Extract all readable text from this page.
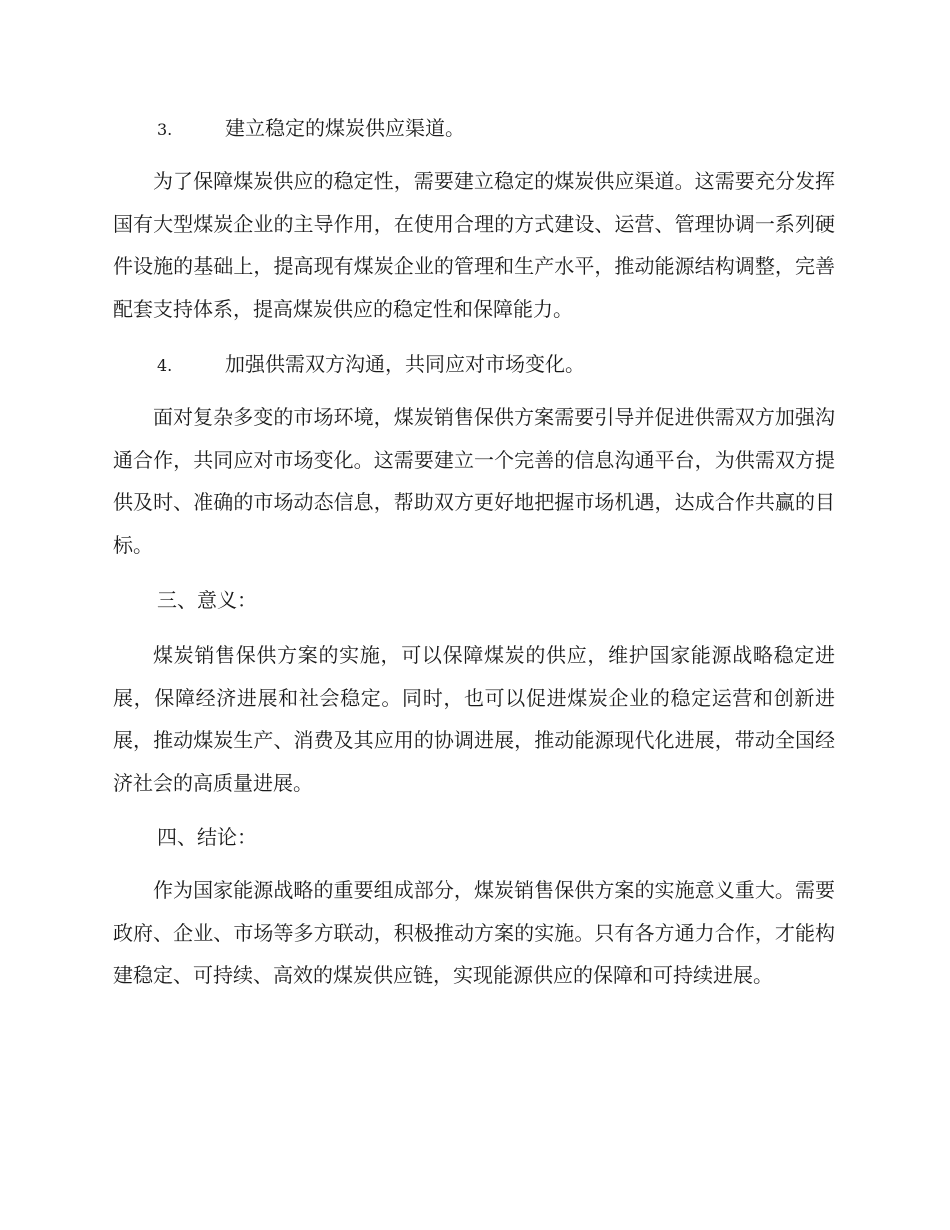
3.	建立稳定的煤炭供应渠道。

为了保障煤炭供应的稳定性，需要建立稳定的煤炭供应渠道。这需要充分发挥国有大型煤炭企业的主导作用，在使用合理的方式建设、运营、管理协调一系列硬件设施的基础上，提高现有煤炭企业的管理和生产水平，推动能源结构调整，完善配套支持体系，提高煤炭供应的稳定性和保障能力。

4.	加强供需双方沟通，共同应对市场变化。

面对复杂多变的市场环境，煤炭销售保供方案需要引导并促进供需双方加强沟通合作，共同应对市场变化。这需要建立一个完善的信息沟通平台，为供需双方提供及时、准确的市场动态信息，帮助双方更好地把握市场机遇，达成合作共赢的目标。

三、意义：

煤炭销售保供方案的实施，可以保障煤炭的供应，维护国家能源战略稳定进展，保障经济进展和社会稳定。同时，也可以促进煤炭企业的稳定运营和创新进展，推动煤炭生产、消费及其应用的协调进展，推动能源现代化进展，带动全国经济社会的高质量进展。

四、结论：

作为国家能源战略的重要组成部分，煤炭销售保供方案的实施意义重大。需要政府、企业、市场等多方联动，积极推动方案的实施。只有各方通力合作，才能构建稳定、可持续、高效的煤炭供应链，实现能源供应的保障和可持续进展。
